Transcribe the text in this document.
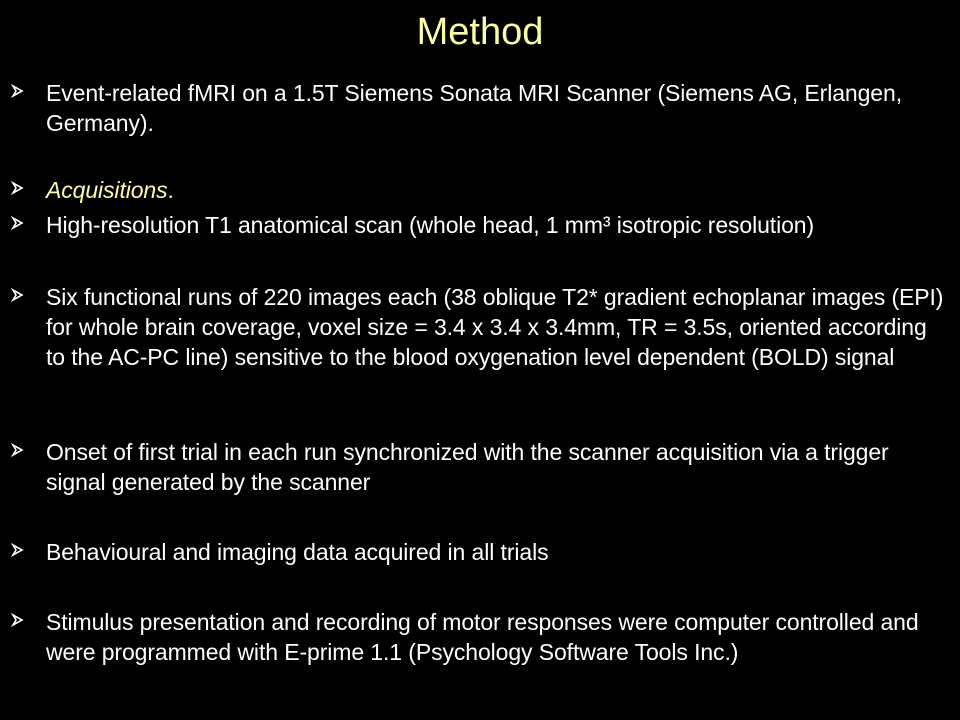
Method
Event-related fMRI on a 1.5T Siemens Sonata MRI Scanner (Siemens AG, Erlangen, Germany).
Acquisitions.
High-resolution T1 anatomical scan (whole head, 1 mm³ isotropic resolution)
Six functional runs of 220 images each (38 oblique T2* gradient echoplanar images (EPI) for whole brain coverage, voxel size = 3.4 x 3.4 x 3.4mm, TR = 3.5s, oriented according to the AC-PC line) sensitive to the blood oxygenation level dependent (BOLD) signal
Onset of first trial in each run synchronized with the scanner acquisition via a trigger signal generated by the scanner
Behavioural and imaging data acquired in all trials
Stimulus presentation and recording of motor responses were computer controlled and were programmed with E-prime 1.1 (Psychology Software Tools Inc.)
